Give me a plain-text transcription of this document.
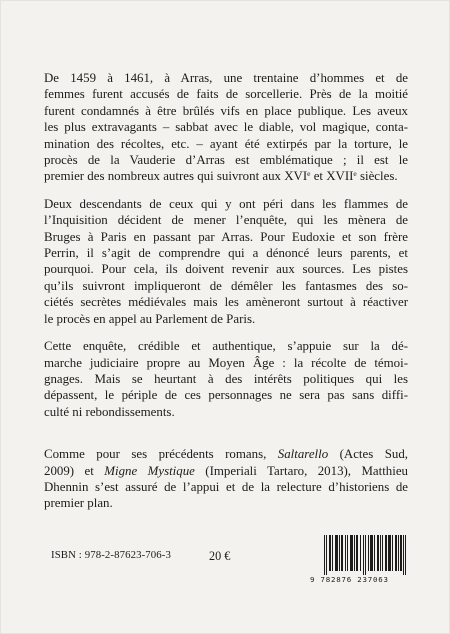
De 1459 à 1461, à Arras, une trentaine d’hommes et de
femmes furent accusés de faits de sorcellerie. Près de la moitié
furent condamnés à être brûlés vifs en place publique. Les aveux
les plus extravagants – sabbat avec le diable, vol magique, conta-
mination des récoltes, etc. – ayant été extirpés par la torture, le
procès de la Vauderie d’Arras est emblématique ; il est le
premier des nombreux autres qui suivront aux XVIe et XVIIe siècles.

Deux descendants de ceux qui y ont péri dans les flammes de
l’Inquisition décident de mener l’enquête, qui les mènera de
Bruges à Paris en passant par Arras. Pour Eudoxie et son frère
Perrin, il s’agit de comprendre qui a dénoncé leurs parents, et
pourquoi. Pour cela, ils doivent revenir aux sources. Les pistes
qu’ils suivront impliqueront de démêler les fantasmes des so-
ciétés secrètes médiévales mais les amèneront surtout à réactiver
le procès en appel au Parlement de Paris.

Cette enquête, crédible et authentique, s’appuie sur la dé-
marche judiciaire propre au Moyen Âge : la récolte de témoi-
gnages. Mais se heurtant à des intérêts politiques qui les
dépassent, le périple de ces personnages ne sera pas sans diffi-
culté ni rebondissements.

Comme pour ses précédents romans, Saltarello (Actes Sud,
2009) et Migne Mystique (Imperiali Tartaro, 2013), Matthieu
Dhennin s’est assuré de l’appui et de la relecture d’historiens de
premier plan.

ISBN : 978-2-87623-706-3	20 €
9 782876 237063
